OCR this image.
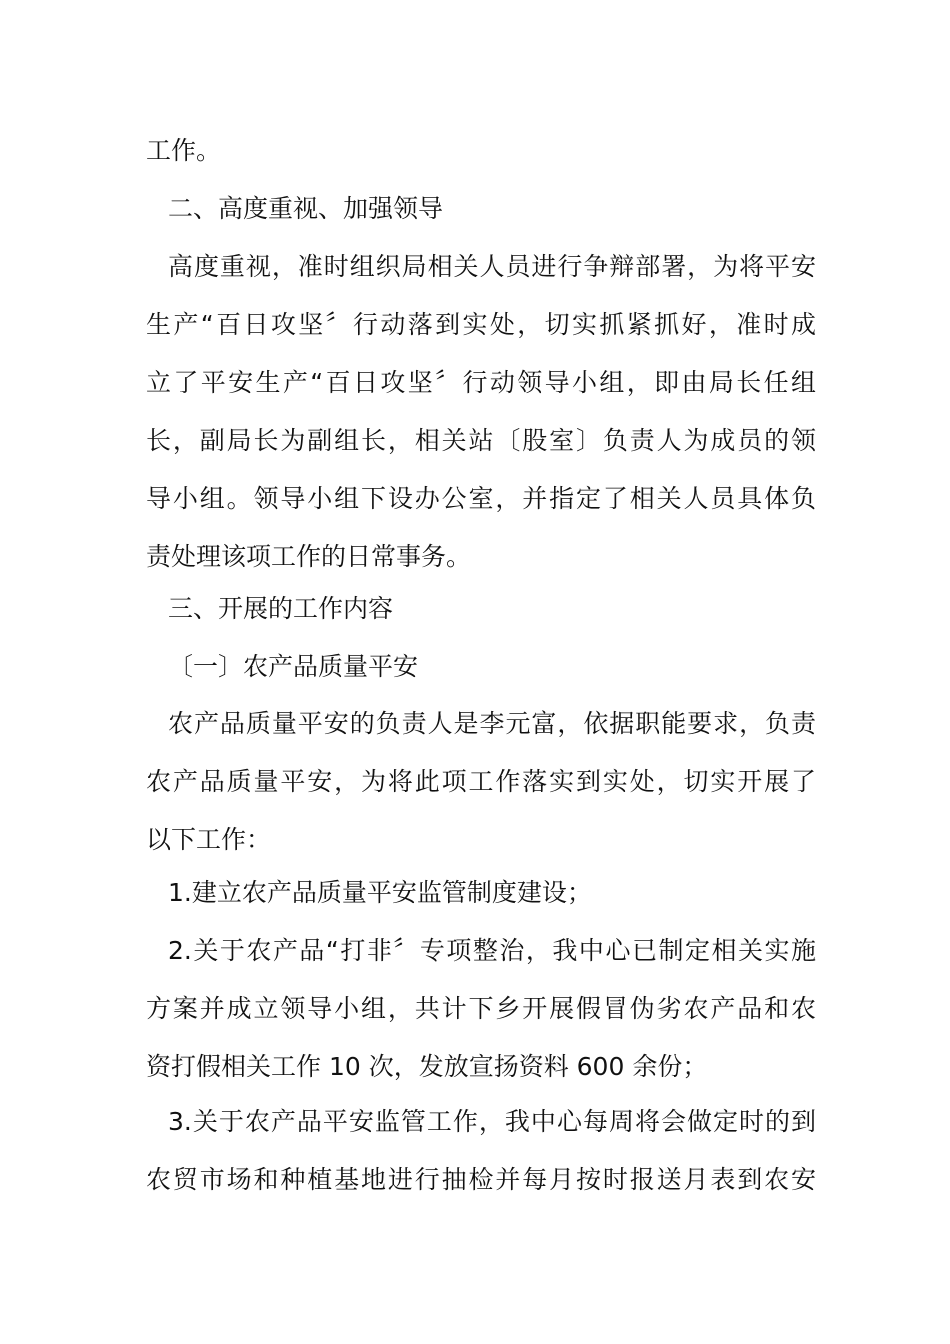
工作。
二、高度重视、加强领导
高度重视，准时组织局相关人员进行争辩部署，为将平安
生产“百日攻坚〞行动落到实处，切实抓紧抓好，准时成
立了平安生产“百日攻坚〞行动领导小组，即由局长任组
长，副局长为副组长，相关站〔股室〕负责人为成员的领
导小组。领导小组下设办公室，并指定了相关人员具体负
责处理该项工作的日常事务。
三、开展的工作内容
〔一〕农产品质量平安
农产品质量平安的负责人是李元富，依据职能要求，负责
农产品质量平安，为将此项工作落实到实处，切实开展了
以下工作：
1.建立农产品质量平安监管制度建设；
2.关于农产品“打非〞专项整治，我中心已制定相关实施
方案并成立领导小组，共计下乡开展假冒伪劣农产品和农
资打假相关工作 10 次，发放宣扬资料 600 余份；
3.关于农产品平安监管工作，我中心每周将会做定时的到
农贸市场和种植基地进行抽检并每月按时报送月表到农安
